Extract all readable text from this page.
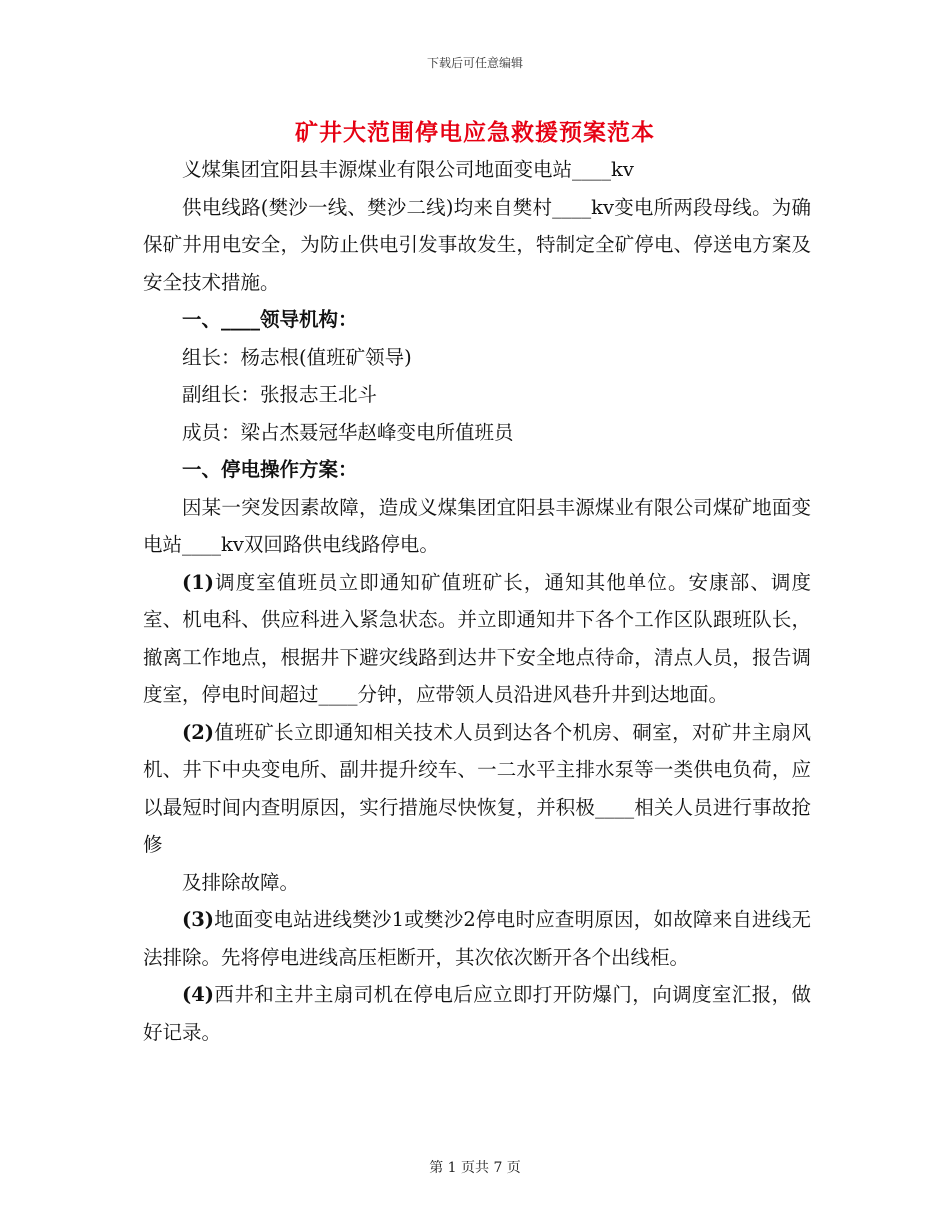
下载后可任意编辑
矿井大范围停电应急救援预案范本

义煤集团宜阳县丰源煤业有限公司地面变电站____kv

供电线路(樊沙一线、樊沙二线)均来自樊村____kv变电所两段母线。为确保矿井用电安全，为防止供电引发事故发生，特制定全矿停电、停送电方案及安全技术措施。

一、____领导机构：

组长：杨志根(值班矿领导)

副组长：张报志王北斗

成员：梁占杰聂冠华赵峰变电所值班员

一、停电操作方案：

因某一突发因素故障，造成义煤集团宜阳县丰源煤业有限公司煤矿地面变电站____kv双回路供电线路停电。

(1)调度室值班员立即通知矿值班矿长，通知其他单位。安康部、调度室、机电科、供应科进入紧急状态。并立即通知井下各个工作区队跟班队长，撤离工作地点，根据井下避灾线路到达井下安全地点待命，清点人员，报告调度室，停电时间超过____分钟，应带领人员沿进风巷升井到达地面。

(2)值班矿长立即通知相关技术人员到达各个机房、硐室，对矿井主扇风机、井下中央变电所、副井提升绞车、一二水平主排水泵等一类供电负荷，应以最短时间内查明原因，实行措施尽快恢复，并积极____相关人员进行事故抢修

及排除故障。

(3)地面变电站进线樊沙1或樊沙2停电时应查明原因，如故障来自进线无法排除。先将停电进线高压柜断开，其次依次断开各个出线柜。

(4)西井和主井主扇司机在停电后应立即打开防爆门，向调度室汇报，做好记录。

第 1 页共 7 页
